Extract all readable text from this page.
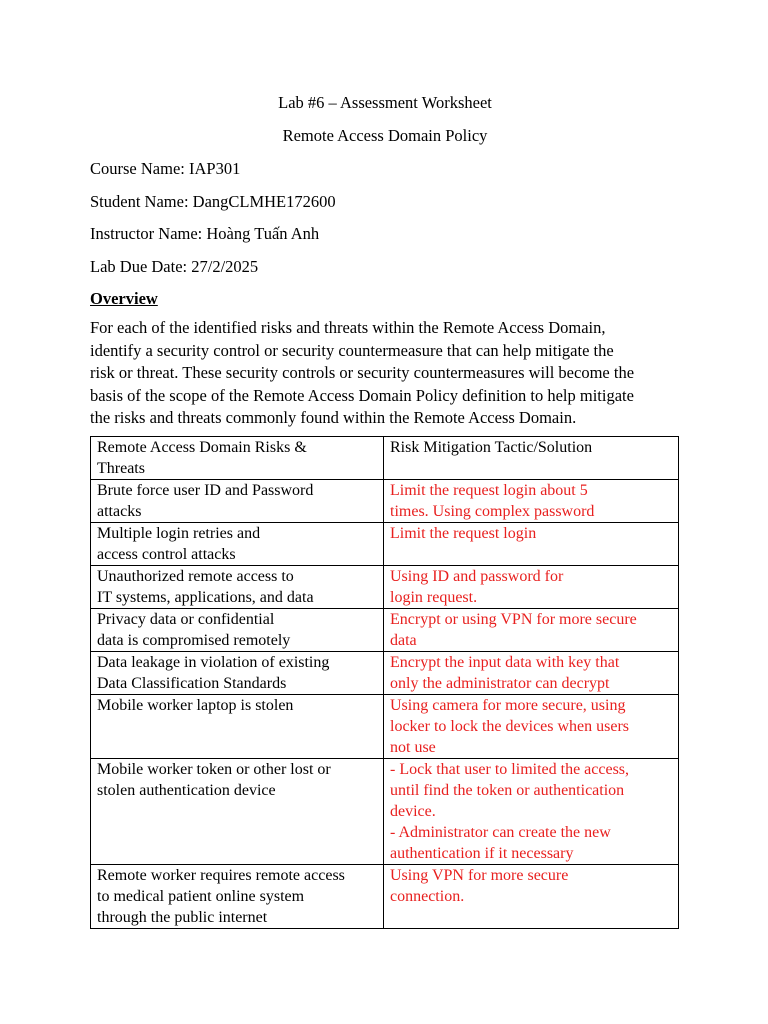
Lab #6 – Assessment Worksheet

Remote Access Domain Policy

Course Name: IAP301

Student Name: DangCLMHE172600

Instructor Name: Hoàng Tuấn Anh

Lab Due Date: 27/2/2025

Overview

For each of the identified risks and threats within the Remote Access Domain,
identify a security control or security countermeasure that can help mitigate the
risk or threat. These security controls or security countermeasures will become the
basis of the scope of the Remote Access Domain Policy definition to help mitigate
the risks and threats commonly found within the Remote Access Domain.
Remote Access Domain Risks &
Threats	Risk Mitigation Tactic/Solution

Brute force user ID and Password
attacks	Limit the request login about 5
times. Using complex password

Multiple login retries and
access control attacks	Limit the request login

Unauthorized remote access to
IT systems, applications, and data	Using ID and password for
login request.

Privacy data or confidential
data is compromised remotely	Encrypt or using VPN for more secure
data

Data leakage in violation of existing
Data Classification Standards	Encrypt the input data with key that
only the administrator can decrypt

Mobile worker laptop is stolen	Using camera for more secure, using
locker to lock the devices when users
not use

Mobile worker token or other lost or
stolen authentication device	- Lock that user to limited the access,
until find the token or authentication
device.
- Administrator can create the new
authentication if it necessary

Remote worker requires remote access
to medical patient online system
through the public internet	Using VPN for more secure
connection.
